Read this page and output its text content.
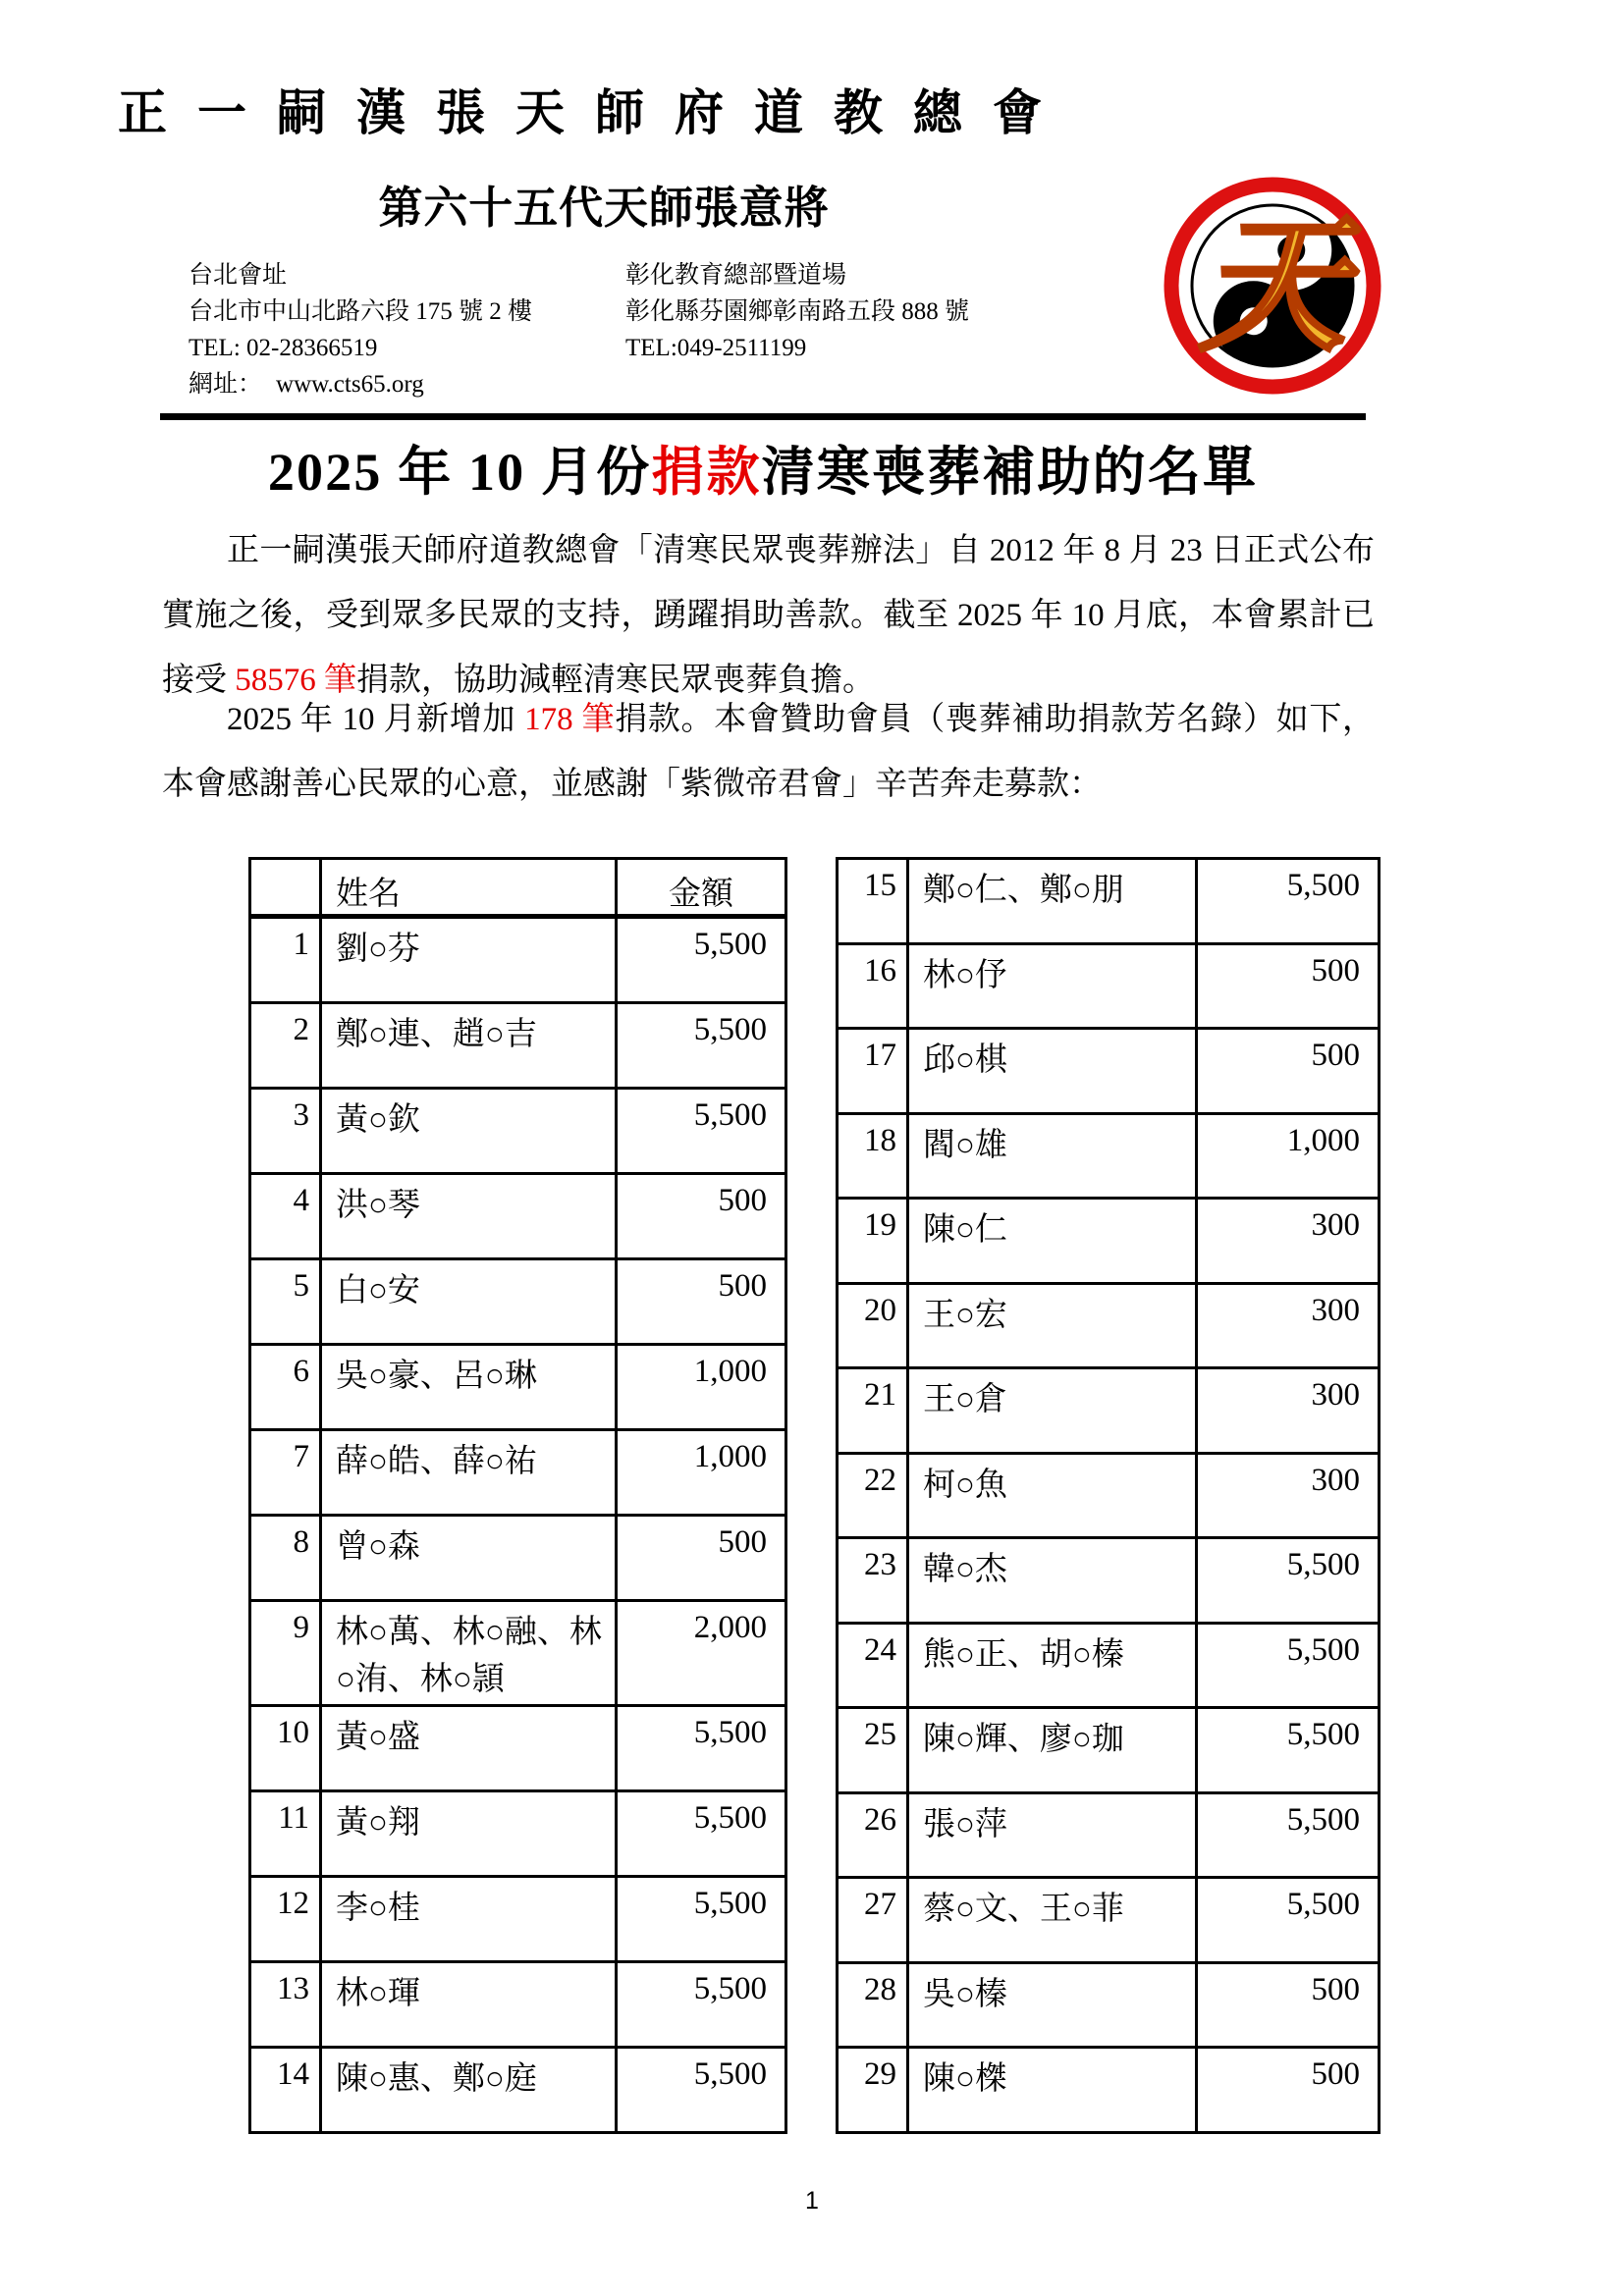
正一嗣漢張天師府道教總會
第六十五代天師張意將
台北會址
台北市中山北路六段 175 號 2 樓
TEL: 02-28366519
網址： www.cts65.org
彰化教育總部暨道場
彰化縣芬園鄉彰南路五段 888 號
TEL:049-2511199	天
2025 年 10 月份捐款清寒喪葬補助的名單
正一嗣漢張天師府道教總會「清寒民眾喪葬辦法」自 2012 年 8 月 23 日正式公布實施之後，受到眾多民眾的支持，踴躍捐助善款。截至 2025 年 10 月底，本會累計已接受 58576 筆捐款，協助減輕清寒民眾喪葬負擔。
2025 年 10 月新增加 178 筆捐款。本會贊助會員（喪葬補助捐款芳名錄）如下，本會感謝善心民眾的心意，並感謝「紫微帝君會」辛苦奔走募款：
	姓名	金額
1	劉○芬	5,500
2	鄭○連、趙○吉	5,500
3	黃○欽	5,500
4	洪○琴	500
5	白○安	500
6	吳○豪、呂○琳	1,000
7	薛○皓、薛○祐	1,000
8	曾○森	500
9	林○萬、林○融、林○洧、林○頴	2,000
10	黃○盛	5,500
11	黃○翔	5,500
12	李○桂	5,500
13	林○琿	5,500
14	陳○惠、鄭○庭	5,500
15	鄭○仁、鄭○朋	5,500
16	林○伃	500
17	邱○棋	500
18	閻○雄	1,000
19	陳○仁	300
20	王○宏	300
21	王○倉	300
22	柯○魚	300
23	韓○杰	5,500
24	熊○正、胡○榛	5,500
25	陳○輝、廖○珈	5,500
26	張○萍	5,500
27	蔡○文、王○菲	5,500
28	吳○榛	500
29	陳○榤	500
1
